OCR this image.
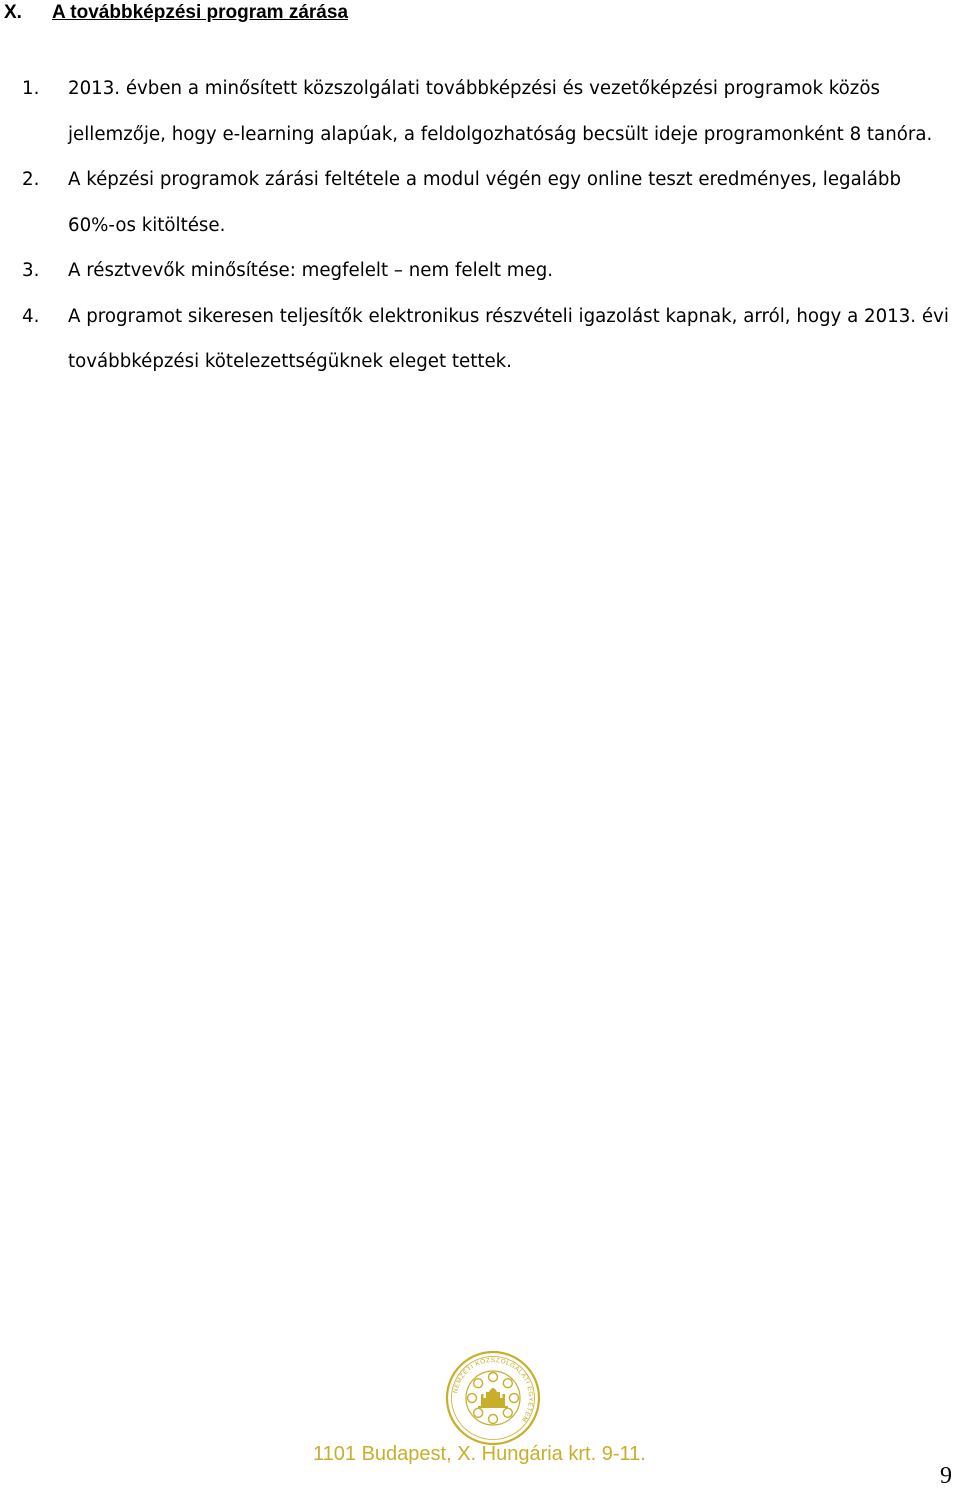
X. A továbbképzési program zárása
1. 2013. évben a minősített közszolgálati továbbképzési és vezetőképzési programok közös jellemzője, hogy e-learning alapúak, a feldolgozhatóság becsült ideje programonként 8 tanóra.
2. A képzési programok zárási feltétele a modul végén egy online teszt eredményes, legalább 60%-os kitöltése.
3. A résztvevők minősítése: megfelelt – nem felelt meg.
4. A programot sikeresen teljesítők elektronikus részvételi igazolást kapnak, arról, hogy a 2013. évi továbbképzési kötelezettségüknek eleget tettek.
NEMZETI KÖZSZOLGÁLATI EGYETEM
1101 Budapest, X. Hungária krt. 9-11.
9
